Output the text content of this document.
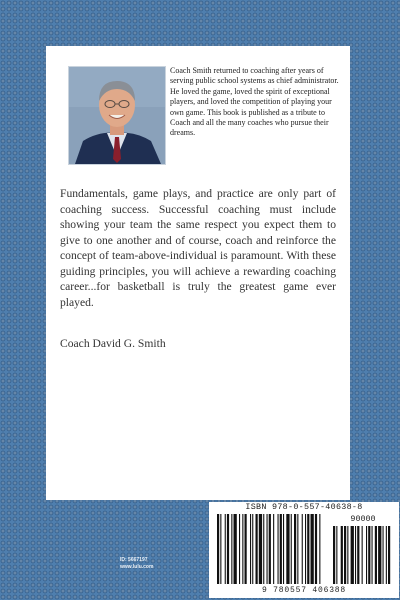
Coach Smith returned to coaching after years of serving public school systems as chief administrator. He loved the game, loved the spirit of exceptional players, and loved the competition of playing your own game. This book is published as a tribute to Coach and all the many coaches who pursue their dreams.
Fundamentals, game plays, and practice are only part of coaching success. Successful coaching must include showing your team the same respect you expect them to give to one another and of course, coach and reinforce the concept of team-above-individual is paramount. With these guiding principles, you will achieve a rewarding coaching career...for basketball is truly the greatest game ever played.
Coach David G. Smith
ID: 5667197
www.lulu.com
ISBN 978-0-557-40638-8
90000
9 780557 406388
